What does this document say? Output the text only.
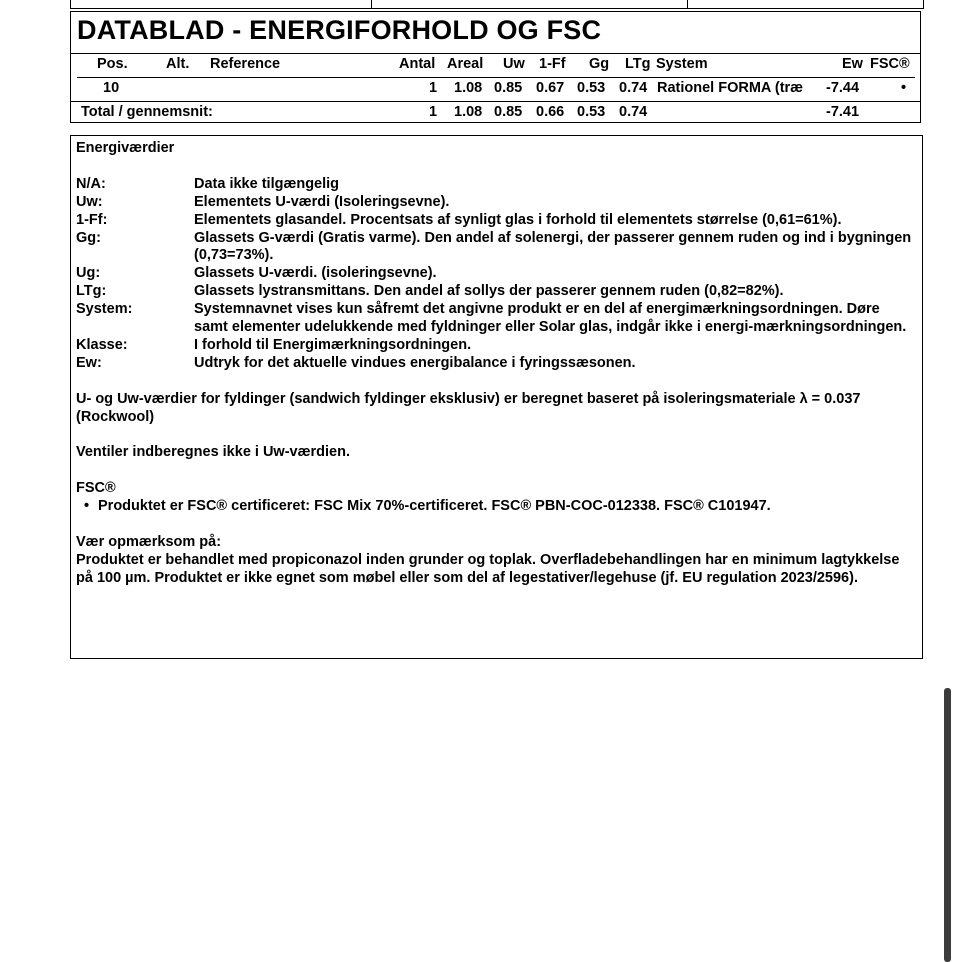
DATABLAD - ENERGIFORHOLD OG FSC
Pos.	Alt. Reference	Antal Areal Uw 1-Ff Gg LTg System	Ew FSC®
10	1 1.08 0.85 0.67 0.53 0.74 Rationel FORMA (træ -7.44	•
Total / gennemsnit:	1 1.08 0.85 0.66 0.53 0.74	-7.41
Energiværdier
N/A:	Data ikke tilgængelig
Uw:	Elementets U-værdi (Isoleringsevne).
1-Ff:	Elementets glasandel. Procentsats af synligt glas i forhold til elementets størrelse (0,61=61%).
Gg:	Glassets G-værdi (Gratis varme). Den andel af solenergi, der passerer gennem ruden og ind i bygningen (0,73=73%).
Ug:	Glassets U-værdi. (isoleringsevne).
LTg:	Glassets lystransmittans. Den andel af sollys der passerer gennem ruden (0,82=82%).
System:	Systemnavnet vises kun såfremt det angivne produkt er en del af energimærkningsordningen. Døre samt elementer udelukkende med fyldninger eller Solar glas, indgår ikke i energi-mærkningsordningen.
Klasse:	I forhold til Energimærkningsordningen.
Ew:	Udtryk for det aktuelle vindues energibalance i fyringssæsonen.
U- og Uw-værdier for fyldinger (sandwich fyldinger eksklusiv) er beregnet baseret på isoleringsmateriale λ = 0.037 (Rockwool)
Ventiler indberegnes ikke i Uw-værdien.
FSC®
• Produktet er FSC® certificeret: FSC Mix 70%-certificeret. FSC® PBN-COC-012338. FSC® C101947.
Vær opmærksom på:
Produktet er behandlet med propiconazol inden grunder og toplak. Overfladebehandlingen har en minimum lagtykkelse på 100 µm. Produktet er ikke egnet som møbel eller som del af legestativer/legehuse (jf. EU regulation 2023/2596).
